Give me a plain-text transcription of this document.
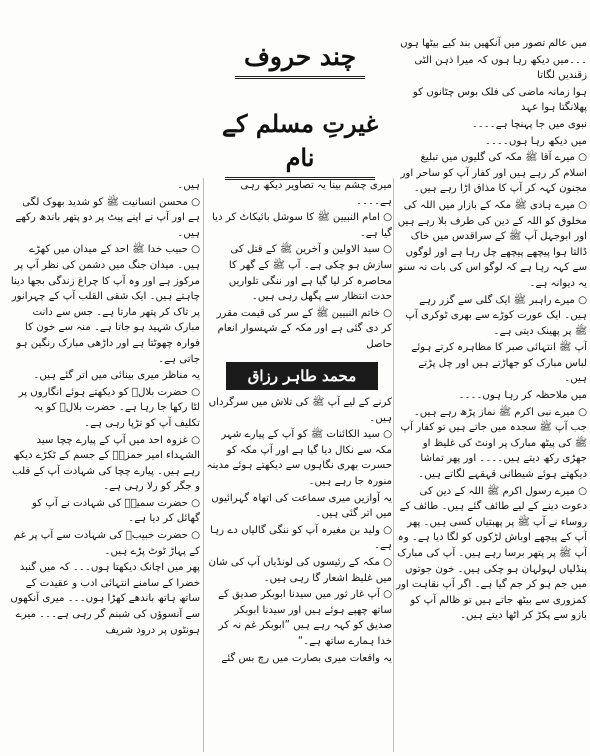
میں عالم تصور میں آنکھیں بند کیے بیٹھا ہوں
۔۔۔میں دیکھ رہا ہوں کہ میرا ذہن الٹی زقندیں لگاتا
ہوا زمانہ ماضی کی فلک بوس چٹانوں کو پھلانگتا ہوا عہد
نبوی میں جا پہنچا ہے۔۔۔۔
میں دیکھ رہا ہوں۔۔۔۔
○ میرے آقا ﷺ مکہ کی گلیوں میں تبلیغ اسلام کر رہے ہیں اور کفار آپ کو ساحر اور مجنون کہہ کر آپ کا مذاق اڑا رہے ہیں۔
○ میرے ہادی ﷺ مکہ کے بازار میں اللہ کی مخلوق کو اللہ کے دین کی طرف بلا رہے ہیں اور ابوجہل آپ ﷺ کے سراقدس میں خاک ڈالتا ہوا پیچھے پیچھے چل رہا ہے اور لوگوں سے کہہ رہا ہے کہ لوگو اس کی بات نہ سنو یہ دیوانہ ہے۔
○ میرے راہبر ﷺ ایک گلی سے گزر رہے ہیں۔ ایک عورت کوڑے سے بھری ٹوکری آپ ﷺ پر پھینک دیتی ہے۔
آپ ﷺ انتہائی صبر کا مظاہرہ کرتے ہوئے لباس مبارک کو جھاڑتے ہیں اور چل پڑتے ہیں۔
میں ملاحظہ کر رہا ہوں۔۔۔۔
○ میرے نبی اکرم ﷺ نماز پڑھ رہے ہیں۔ جب آپ ﷺ سجدہ میں جاتے ہیں تو کفار آپ ﷺ کی پیٹھ مبارک پر اونٹ کی غلیظ او جھڑی رکھ دیتے ہیں۔۔۔۔ اور پھر تماشا دیکھتے ہوئے شیطانی قہقہے لگاتے ہیں۔
○ میرے رسول اکرم ﷺ اللہ کے دین کی دعوت دینے کے لیے طائف گئے ہیں۔ طائف کے روساء نے آپ ﷺ پر پھبتیاں کسی ہیں۔ پھر آپ کے پیچھے اوباش لڑکوں کو لگا دیا ہے۔ وہ آپ ﷺ پر پتھر برسا رہے ہیں۔ آپ کی مبارک پنڈلیاں لہولہان ہو چکی ہیں۔ خون جوتوں میں جم ہو کر جم گیا ہے۔ اگر آپ نقاہت اور کمزوری سے بیٹھ جاتے ہیں تو ظالم آپ کو بازو سے پکڑ کر اٹھا دیتے ہیں۔
چند حروف
غیرتِ مسلم کے نام
میری چشم بینا یہ تصاویر دیکھ رہی ہے۔۔۔۔
○ امام النبیین ﷺ کا سوشل بائیکاٹ کر دیا گیا ہے۔
○ سید الاولین و آخرین ﷺ کے قتل کی سازش ہو چکی ہے۔ آپ ﷺ کے گھر کا محاصرہ کر لیا گیا ہے اور ننگی تلواریں حدت انتظار سے پگھل رہی ہیں۔
○ خاتم النبیین ﷺ کے سر کی قیمت مقرر کر دی گئی ہے اور مکہ کے شہسوار انعام حاصل
محمد طاہر رزاق
کرنے کے لیے آپ ﷺ کی تلاش میں سرگرداں ہیں۔
○ سید الکائنات ﷺ کو آپ کے پیارے شہر مکہ سے نکال دیا گیا ہے اور آپ مکہ کو حسرت بھری نگاہوں سے دیکھتے ہوئے مدینہ منورہ جا رہے ہیں۔
یہ آوازیں میری سماعت کی اتھاہ گہرائیوں میں اتر گئی ہیں۔
○ ولید بن مغیرہ آپ کو ننگی گالیاں دے رہا ہے۔
○ مکہ کے رئیسوں کی لونڈیاں آپ کی شان میں غلیظ اشعار گا رہی ہیں۔
○ آپ غار ثور میں سیدنا ابوبکر صدیق کے ساتھ چھپے ہوئے ہیں اور سیدنا ابوبکر صدیق کو کہہ رہے ہیں ”ابوبکر غم نہ کر خدا ہمارے ساتھ ہے۔“
یہ واقعات میری بصارت میں رچ بس گئے
ہیں۔
○ محسن انسانیت ﷺ کو شدید بھوک لگی ہے اور آپ نے اپنے پیٹ پر دو پتھر باندھ رکھے ہیں۔
○ حبیب خدا ﷺ احد کے میدان میں کھڑے ہیں۔ میدان جنگ میں دشمن کی نظر آپ پر مرکوز ہے اور وہ آپ کا چراغ زندگی بجھا دینا چاہتے ہیں۔ ایک شقی القلب آپ کے چہرانور پر تاک کر پتھر مارتا ہے۔ جس سے دانت مبارک شہید ہو جاتا ہے۔ منہ سے خون کا فوارہ چھوٹتا ہے اور داڑھی مبارک رنگین ہو جاتی ہے۔
یہ مناظر میری بینائی میں اتر گئے ہیں۔
○ حضرت بلالؓ کو دیکھتے ہوئے انگاروں پر لٹا رکھا جا رہا ہے۔ حضرت بلالؓ کو یہ تکلیف آپ کو تڑپا رہی ہے۔
○ غزوہ احد میں آپ کے پیارے چچا سید الشہداء امیر حمزہؓ کے جسم کے ٹکڑے دیکھ رہے ہیں۔ پیارے چچا کی شہادت آپ کے قلب و جگر کو رلا رہی ہے۔
○ حضرت سمیہؓ کی شہادت نے آپ کو گھائل کر دیا ہے۔
○ حضرت خبیبؓ کی شہادت سے آپ پر غم کے پہاڑ ٹوٹ پڑے ہیں۔
پھر میں اچانک دیکھتا ہوں۔۔۔ کہ میں گنبد خضرا کے سامنے انتہائی ادب و عقیدت کے ساتھ ہاتھ باندھے کھڑا ہوں۔۔۔ میری آنکھوں سے آنسوؤں کی شبنم گر رہی ہے۔۔۔ میرے ہونٹوں پر درود شریف
